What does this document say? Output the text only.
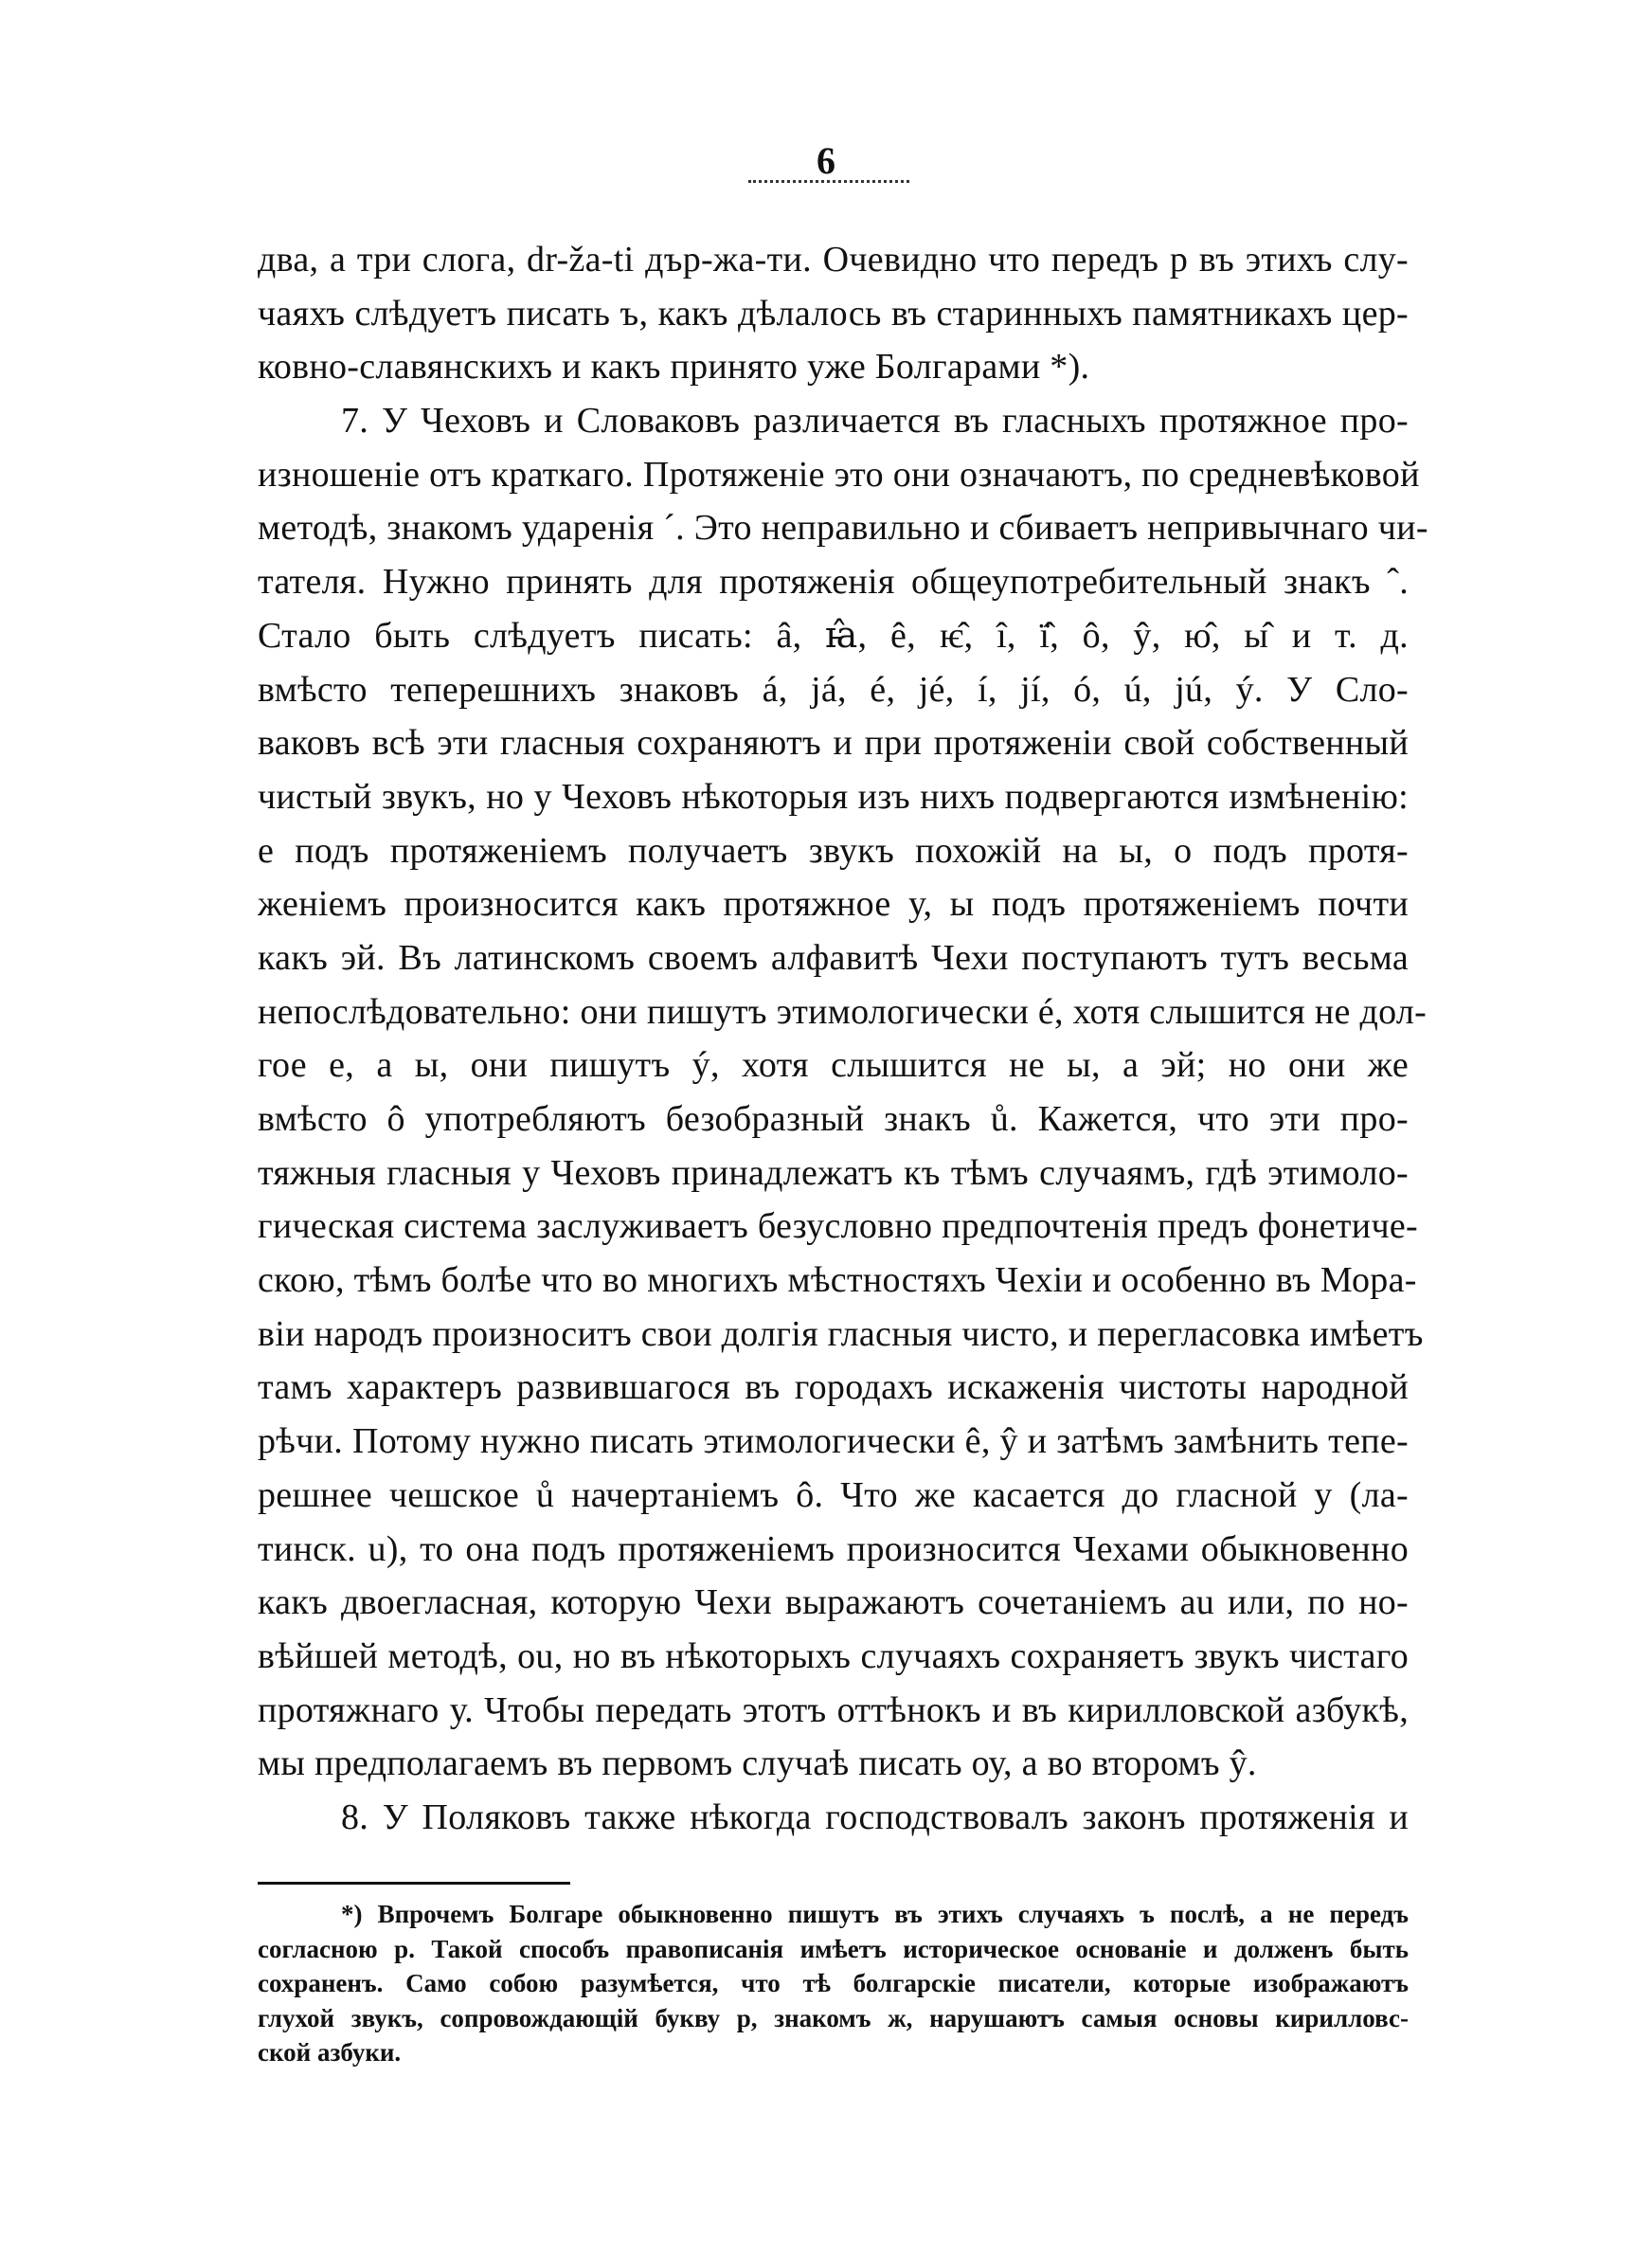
6
два, а три слога, dr-ža-ti дър-жа-ти. Очевидно что передъ р въ этихъ слу-
чаяхъ слѣдуетъ писать ъ, какъ дѣлалось въ старинныхъ памятникахъ цер-
ковно-славянскихъ и какъ принято уже Болгарами *).
7. У Чеховъ и Словаковъ различается въ гласныхъ протяжное про-
изношеніе отъ краткаго. Протяженіе это они означаютъ, по средневѣковой
методѣ, знакомъ ударенія ´. Это неправильно и сбиваетъ непривычнаго чи-
тателя. Нужно принять для протяженія общеупотребительный знакъ ˆ.
Стало быть слѣдуетъ писать: â, ꙗ̂, ê, ѥ̂, î, ї̂, ô, ŷ, ю̂, ы̂ и т. д.
вмѣсто теперешнихъ знаковъ á, já, é, jé, í, jí, ó, ú, jú, ý. У Сло-
ваковъ всѣ эти гласныя сохраняютъ и при протяженіи свой собственный
чистый звукъ, но у Чеховъ нѣкоторыя изъ нихъ подвергаются измѣненію:
е подъ протяженіемъ получаетъ звукъ похожій на ы, о подъ протя-
женіемъ произносится какъ протяжное у, ы подъ протяженіемъ почти
какъ эй. Въ латинскомъ своемъ алфавитѣ Чехи поступаютъ тутъ весьма
непослѣдовательно: они пишутъ этимологически é, хотя слышится не дол-
гое е, а ы, они пишутъ ý, хотя слышится не ы, а эй; но они же
вмѣсто ô употребляютъ безобразный знакъ ů. Кажется, что эти про-
тяжныя гласныя у Чеховъ принадлежатъ къ тѣмъ случаямъ, гдѣ этимоло-
гическая система заслуживаетъ безусловно предпочтенія предъ фонетиче-
скою, тѣмъ болѣе что во многихъ мѣстностяхъ Чехіи и особенно въ Мора-
віи народъ произноситъ свои долгія гласныя чисто, и перегласовка имѣетъ
тамъ характеръ развившагося въ городахъ искаженія чистоты народной
рѣчи. Потому нужно писать этимологически ê, ŷ и затѣмъ замѣнить тепе-
решнее чешское ů начертаніемъ ô. Что же касается до гласной у (ла-
тинск. u), то она подъ протяженіемъ произносится Чехами обыкновенно
какъ двоегласная, которую Чехи выражаютъ сочетаніемъ au или, по но-
вѣйшей методѣ, ou, но въ нѣкоторыхъ случаяхъ сохраняетъ звукъ чистаго
протяжнаго у. Чтобы передать этотъ оттѣнокъ и въ кирилловской азбукѣ,
мы предполагаемъ въ первомъ случаѣ писать оу, а во второмъ ŷ.
8. У Поляковъ также нѣкогда господствовалъ законъ протяженія и
*) Впрочемъ Болгаре обыкновенно пишутъ въ этихъ случаяхъ ъ послѣ, а не передъ
согласною р. Такой способъ правописанія имѣетъ историческое основаніе и долженъ быть
сохраненъ. Само собою разумѣется, что тѣ болгарскіе писатели, которые изображаютъ
глухой звукъ, сопровождающій букву р, знакомъ ж, нарушаютъ самыя основы кирилловс-
ской азбуки.
